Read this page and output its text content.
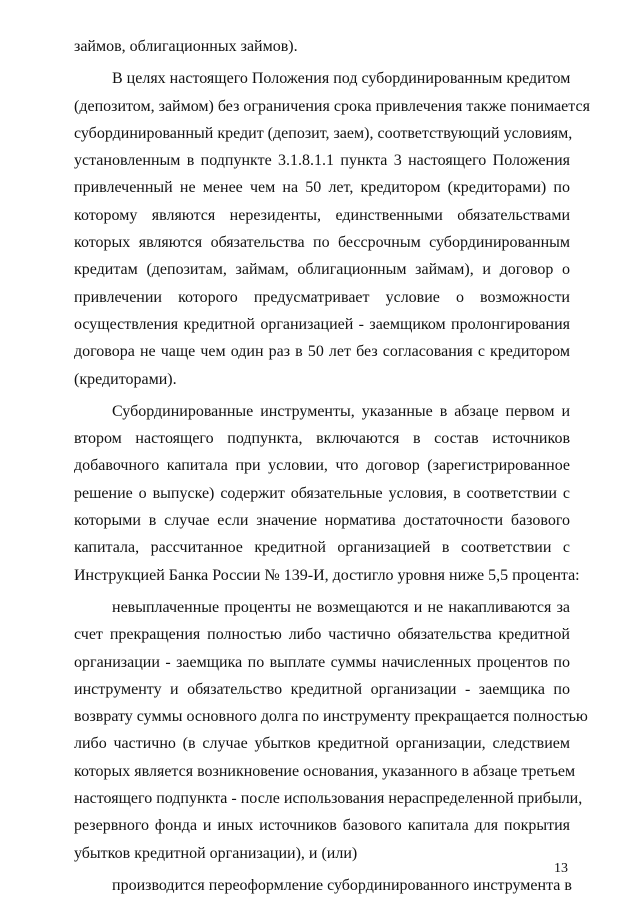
займов, облигационных займов).
В целях настоящего Положения под субординированным кредитом
(депозитом, займом) без ограничения срока привлечения также понимается
субординированный кредит (депозит, заем), соответствующий условиям,
установленным в подпункте 3.1.8.1.1 пункта 3 настоящего Положения
привлеченный не менее чем на 50 лет, кредитором (кредиторами) по
которому являются нерезиденты, единственными обязательствами
которых являются обязательства по бессрочным субординированным
кредитам (депозитам, займам, облигационным займам), и договор о
привлечении которого предусматривает условие о возможности
осуществления кредитной организацией - заемщиком пролонгирования
договора не чаще чем один раз в 50 лет без согласования с кредитором
(кредиторами).
Субординированные инструменты, указанные в абзаце первом и
втором настоящего подпункта, включаются в состав источников
добавочного капитала при условии, что договор (зарегистрированное
решение о выпуске) содержит обязательные условия, в соответствии с
которыми в случае если значение норматива достаточности базового
капитала, рассчитанное кредитной организацией в соответствии с
Инструкцией Банка России № 139-И, достигло уровня ниже 5,5 процента:
невыплаченные проценты не возмещаются и не накапливаются за
счет прекращения полностью либо частично обязательства кредитной
организации - заемщика по выплате суммы начисленных процентов по
инструменту и обязательство кредитной организации - заемщика по
возврату суммы основного долга по инструменту прекращается полностью
либо частично (в случае убытков кредитной организации, следствием
которых является возникновение основания, указанного в абзаце третьем
настоящего подпункта - после использования нераспределенной прибыли,
резервного фонда и иных источников базового капитала для покрытия
убытков кредитной организации), и (или)
производится переоформление субординированного инструмента в
13
